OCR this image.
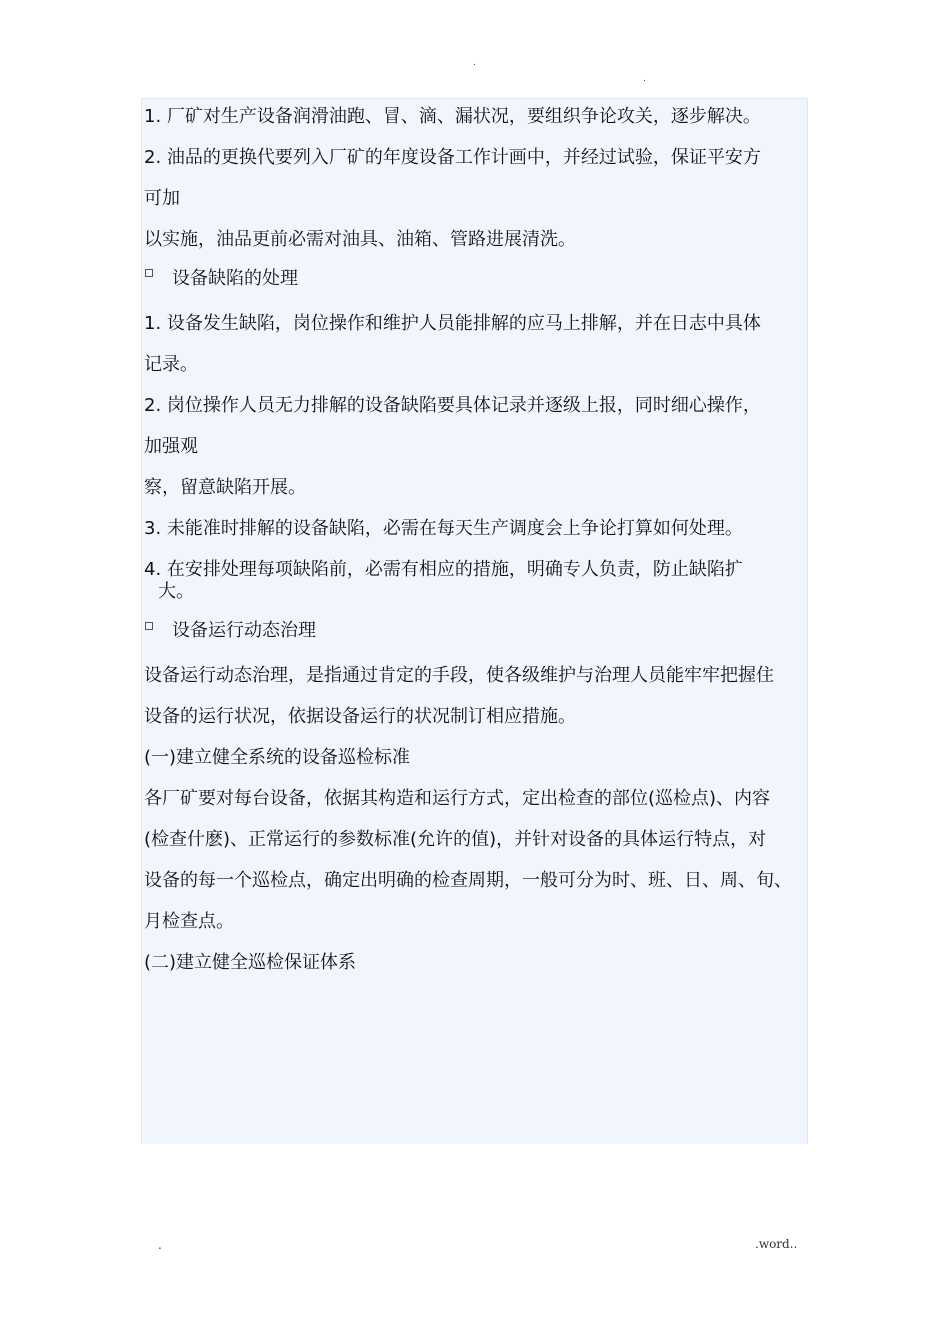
.
.
1. 厂矿对生产设备润滑油跑、冒、滴、漏状况，要组织争论攻关，逐步解决。
2. 油品的更换代要列入厂矿的年度设备工作计画中，并经过试验，保证平安方
可加
以实施，油品更前必需对油具、油箱、管路进展清洗。
设备缺陷的处理
1. 设备发生缺陷，岗位操作和维护人员能排解的应马上排解，并在日志中具体
记录。
2. 岗位操作人员无力排解的设备缺陷要具体记录并逐级上报，同时细心操作，
加强观
察，留意缺陷开展。
3. 未能准时排解的设备缺陷，必需在每天生产调度会上争论打算如何处理。
4. 在安排处理每项缺陷前，必需有相应的措施，明确专人负责，防止缺陷扩
大。
设备运行动态治理
设备运行动态治理，是指通过肯定的手段，使各级维护与治理人员能牢牢把握住
设备的运行状况，依据设备运行的状况制订相应措施。
(一)建立健全系统的设备巡检标准
各厂矿要对每台设备，依据其构造和运行方式，定出检查的部位(巡检点)、内容
(检查什麽)、正常运行的参数标准(允许的值)，并针对设备的具体运行特点，对
设备的每一个巡检点，确定出明确的检查周期，一般可分为时、班、日、周、旬、
月检查点。
(二)建立健全巡检保证体系
.	.word..
